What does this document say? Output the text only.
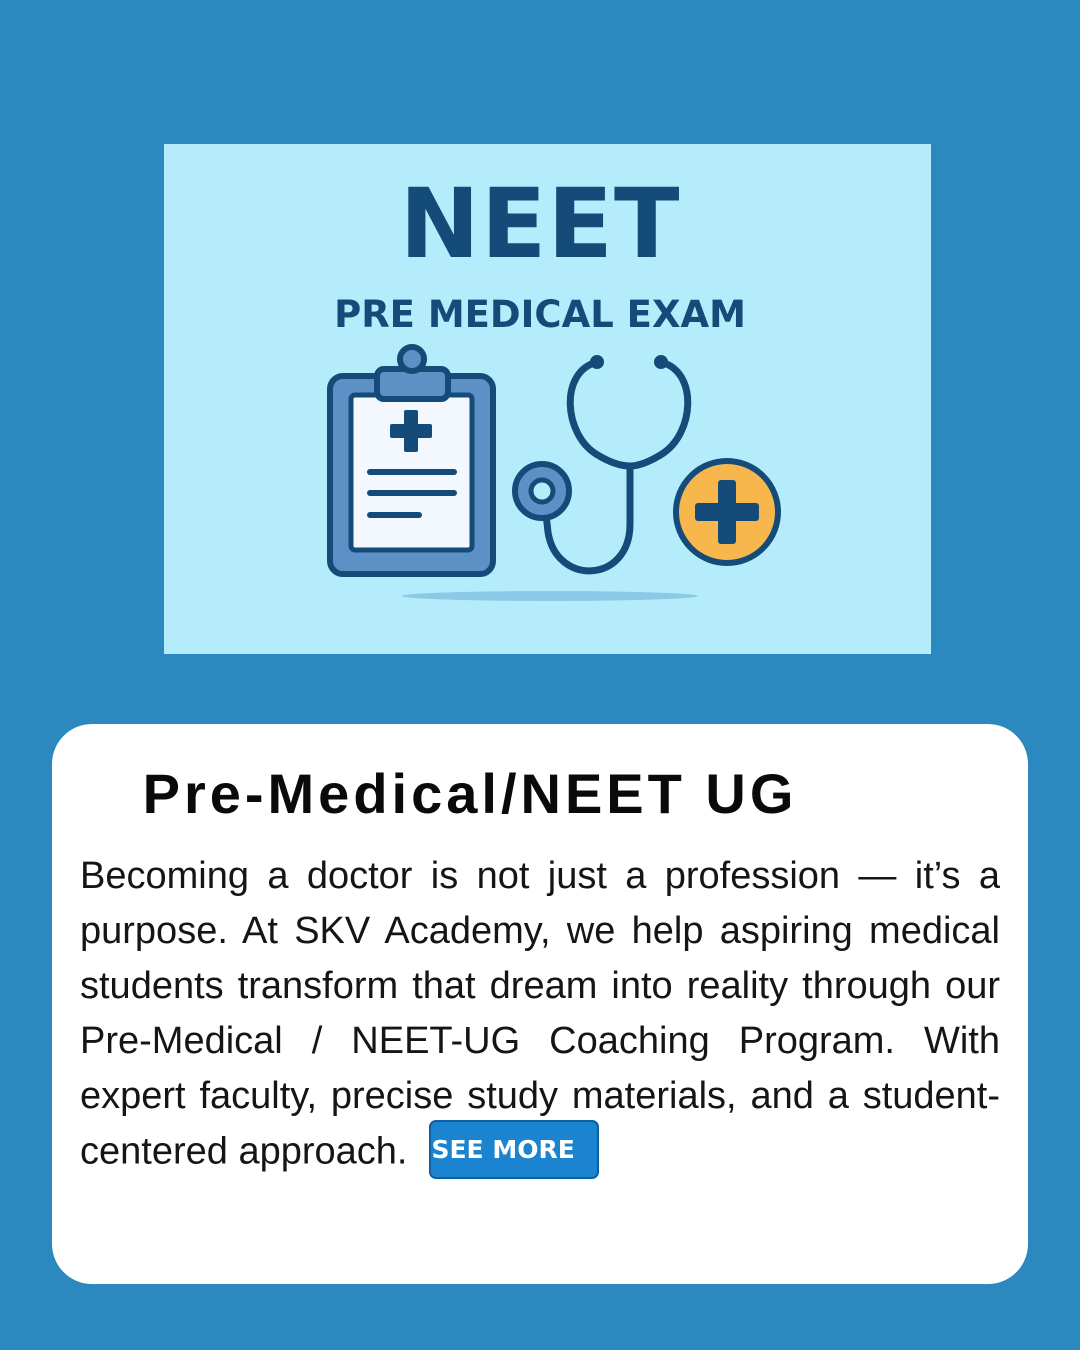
NEET
PRE MEDICAL EXAM
Pre-Medical/NEET UG

Becoming a doctor is not just a profession — it’s a purpose. At SKV Academy, we help aspiring medical students transform that dream into reality through our Pre-Medical / NEET-UG Coaching Program. With expert faculty, precise study materials, and a student-centered approach. SEE MORE
